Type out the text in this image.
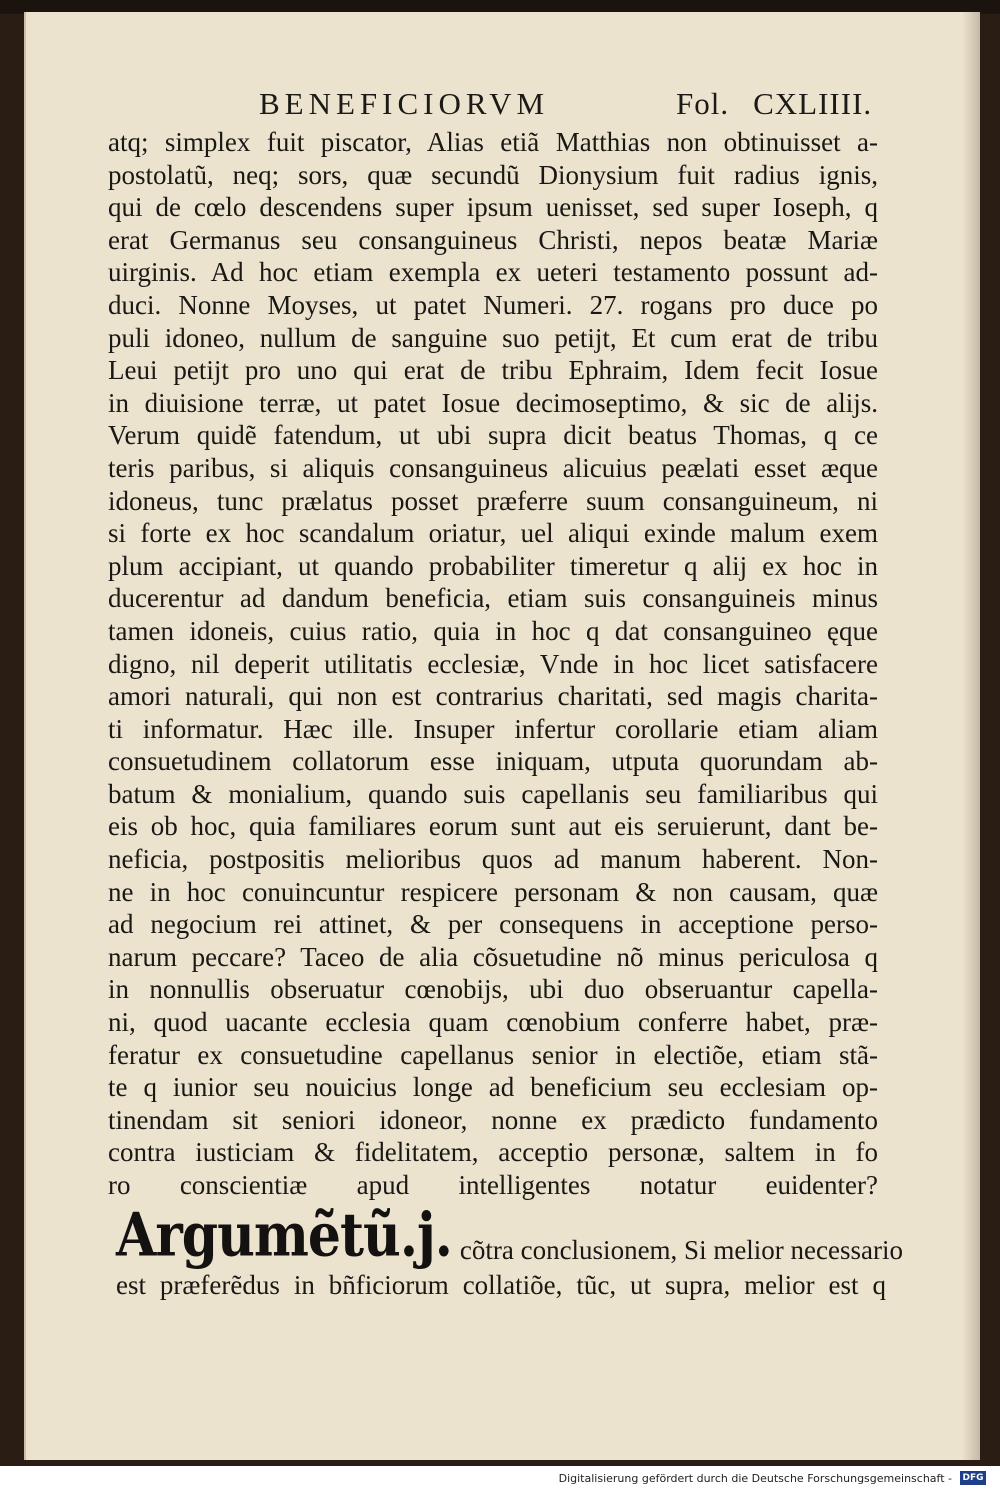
BENEFICIORVM	Fol. CXLIIII.
atq; simplex fuit piscator, Alias etiã Matthias non obtinuisset a-
postolatũ, neq; sors, quæ secundũ Dionysium fuit radius ignis,
qui de cœlo descendens super ipsum uenisset, sed super Ioseph, q
erat Germanus seu consanguineus Christi, nepos beatæ Mariæ
uirginis. Ad hoc etiam exempla ex ueteri testamento possunt ad-
duci. Nonne Moyses, ut patet Numeri. 27. rogans pro duce po
puli idoneo, nullum de sanguine suo petijt, Et cum erat de tribu
Leui petijt pro uno qui erat de tribu Ephraim, Idem fecit Iosue
in diuisione terræ, ut patet Iosue decimoseptimo, & sic de alijs.
Verum quidẽ fatendum, ut ubi supra dicit beatus Thomas, q ce
teris paribus, si aliquis consanguineus alicuius peælati esset æque
idoneus, tunc prælatus posset præferre suum consanguineum, ni
si forte ex hoc scandalum oriatur, uel aliqui exinde malum exem
plum accipiant, ut quando probabiliter timeretur q alij ex hoc in
ducerentur ad dandum beneficia, etiam suis consanguineis minus
tamen idoneis, cuius ratio, quia in hoc q dat consanguineo ęque
digno, nil deperit utilitatis ecclesiæ, Vnde in hoc licet satisfacere
amori naturali, qui non est contrarius charitati, sed magis charita-
ti informatur. Hæc ille. Insuper infertur corollarie etiam aliam
consuetudinem collatorum esse iniquam, utputa quorundam ab-
batum & monialium, quando suis capellanis seu familiaribus qui
eis ob hoc, quia familiares eorum sunt aut eis seruierunt, dant be-
neficia, postpositis melioribus quos ad manum haberent. Non-
ne in hoc conuincuntur respicere personam & non causam, quæ
ad negocium rei attinet, & per consequens in acceptione perso-
narum peccare? Taceo de alia cõsuetudine nõ minus periculosa q
in nonnullis obseruatur cœnobijs, ubi duo obseruantur capella-
ni, quod uacante ecclesia quam cœnobium conferre habet, præ-
feratur ex consuetudine capellanus senior in electiõe, etiam stã-
te q iunior seu nouicius longe ad beneficium seu ecclesiam op-
tinendam sit seniori idoneor, nonne ex prædicto fundamento
contra iusticiam & fidelitatem, acceptio personæ, saltem in fo
ro conscientiæ apud intelligentes notatur euidenter?
Argumẽtũ.j. cõtra conclusionem, Si melior necessario
est præferẽdus in bñficiorum collatiõe, tũc, ut supra, melior est q
Digitalisierung gefördert durch die Deutsche Forschungsgemeinschaft - DFG
